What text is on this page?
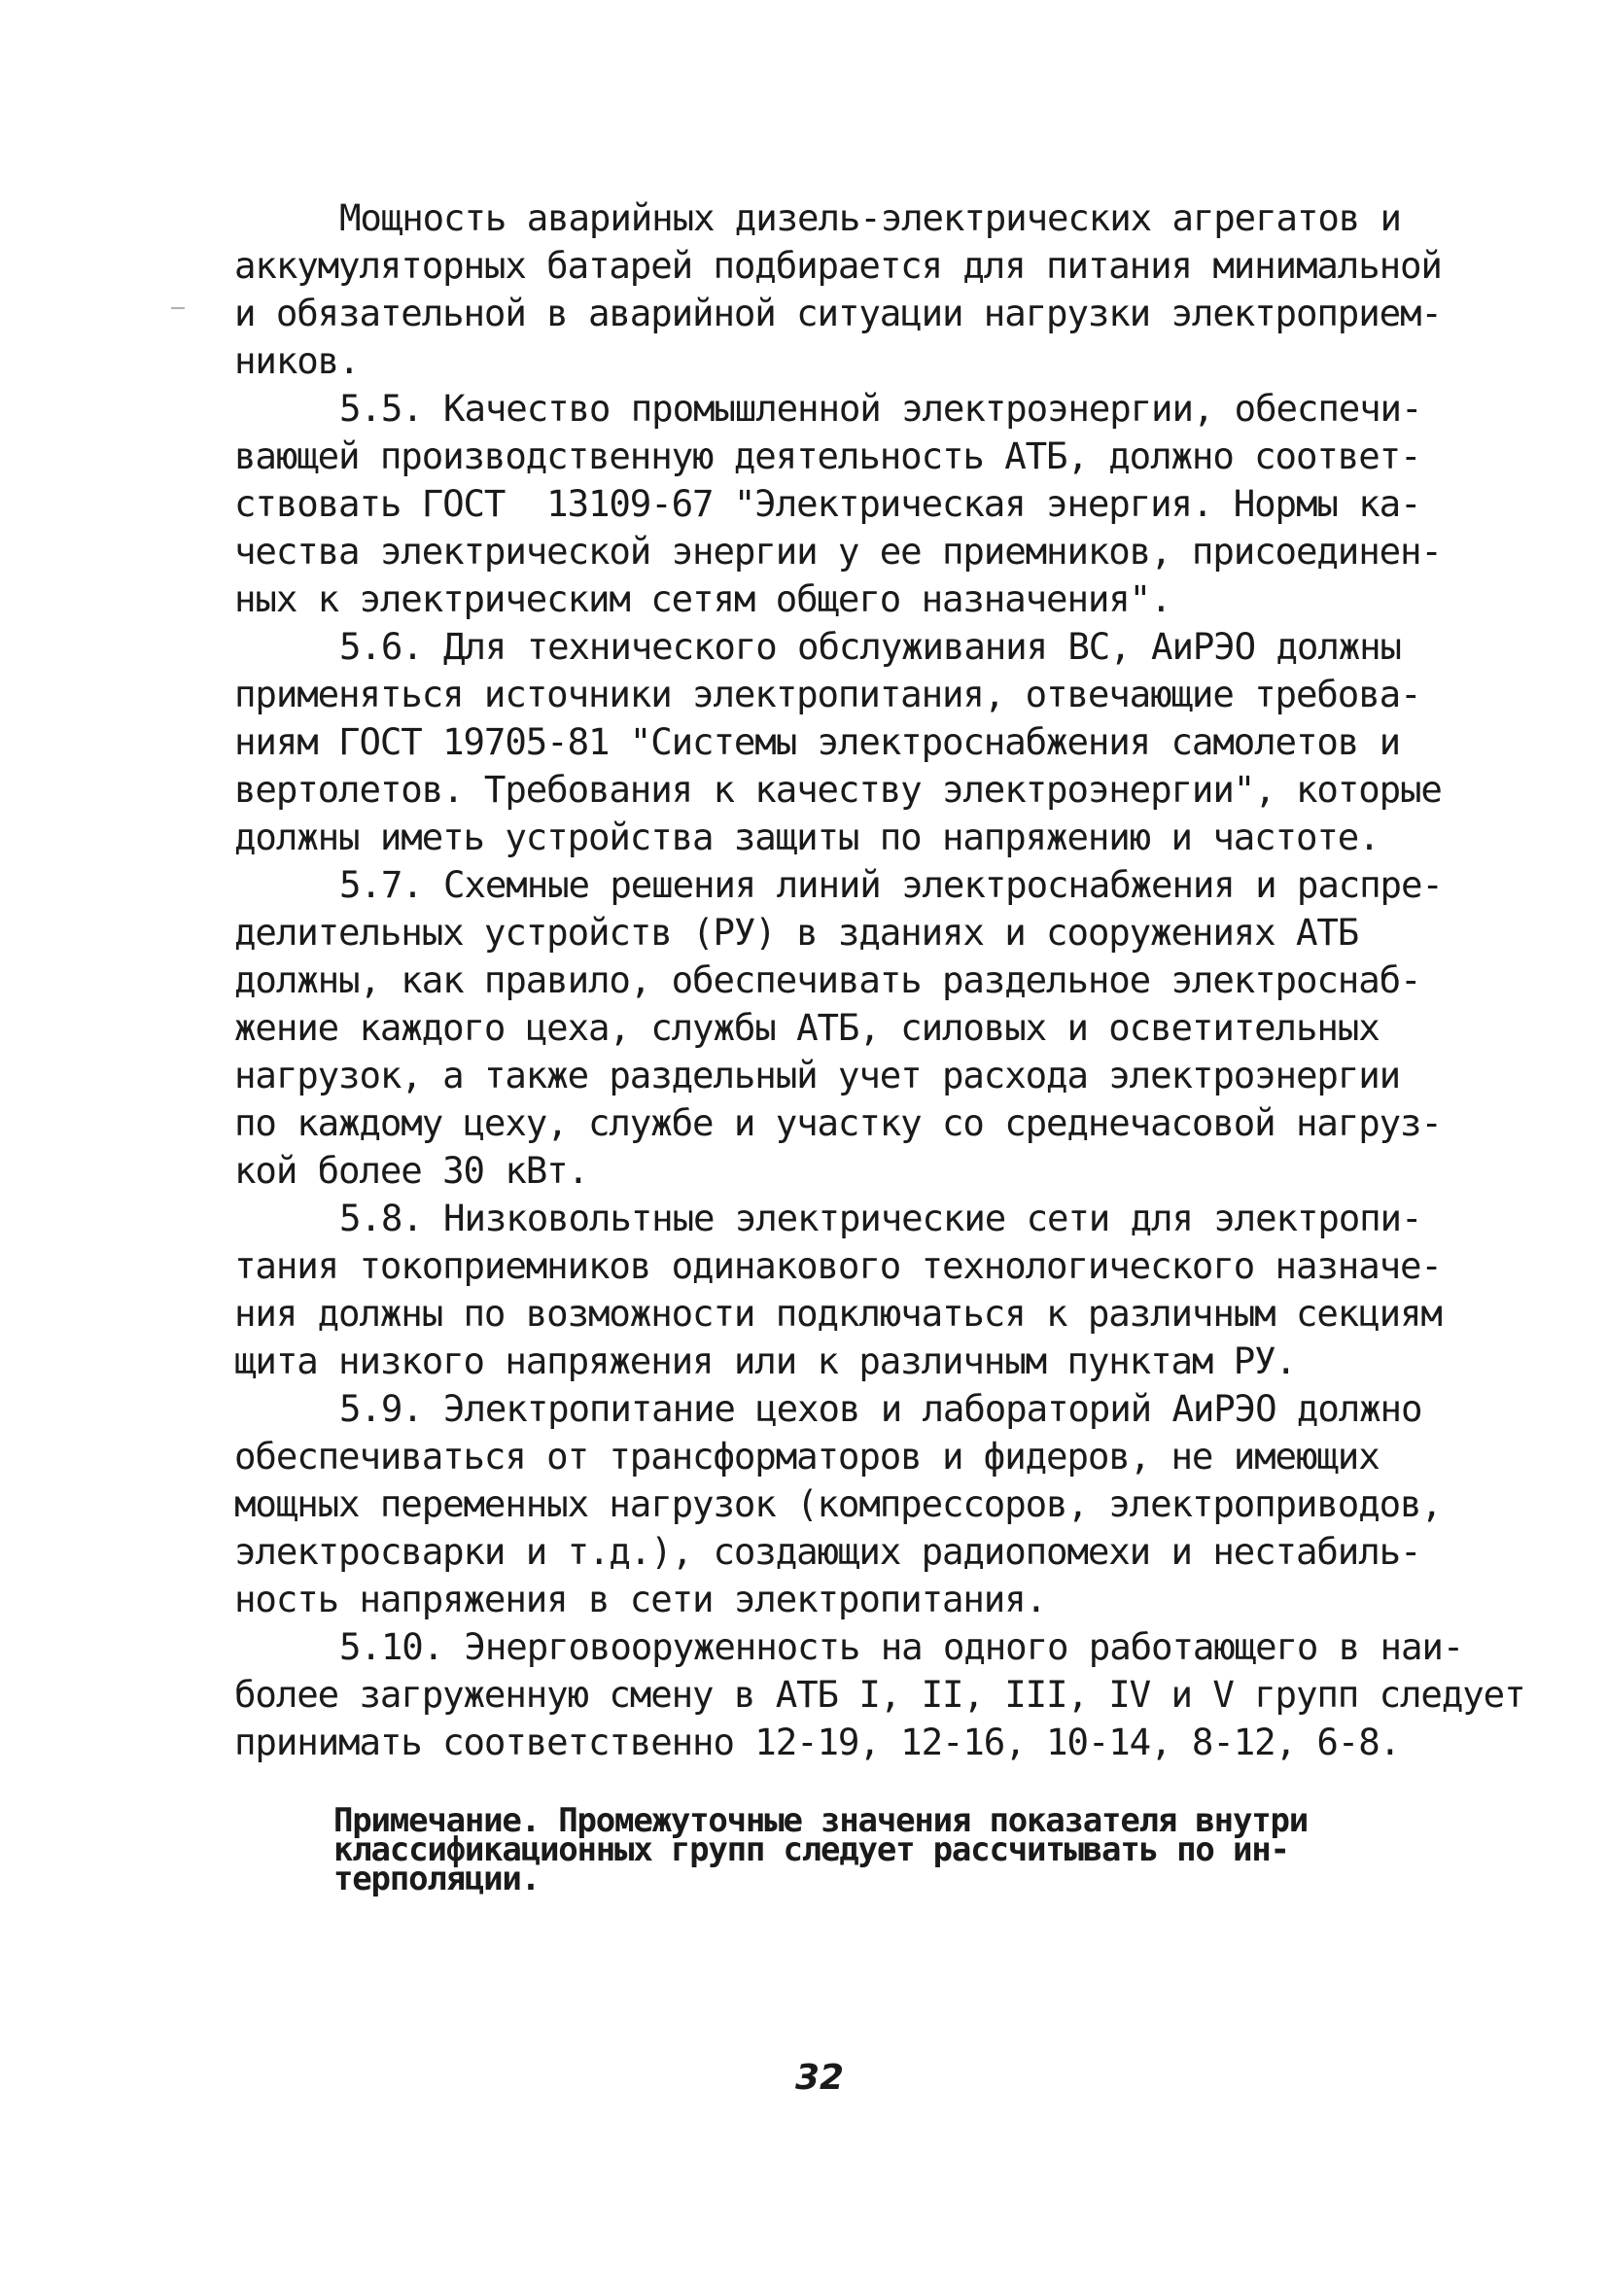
Мощность аварийных дизель-электрических агрегатов и
аккумуляторных батарей подбирается для питания минимальной
и обязательной в аварийной ситуации нагрузки электроприем-
ников.
5.5. Качество промышленной электроэнергии, обеспечи-
вающей производственную деятельность АТБ, должно соответ-
ствовать ГОСТ  13109-67 "Электрическая энергия. Нормы ка-
чества электрической энергии у ее приемников, присоединен-
ных к электрическим сетям общего назначения".
5.6. Для технического обслуживания ВС, АиРЭО должны
применяться источники электропитания, отвечающие требова-
ниям ГОСТ 19705-81 "Системы электроснабжения самолетов и
вертолетов. Требования к качеству электроэнергии", которые
должны иметь устройства защиты по напряжению и частоте.
5.7. Схемные решения линий электроснабжения и распре-
делительных устройств (РУ) в зданиях и сооружениях АТБ
должны, как правило, обеспечивать раздельное электроснаб-
жение каждого цеха, службы АТБ, силовых и осветительных
нагрузок, а также раздельный учет расхода электроэнергии
по каждому цеху, службе и участку со среднечасовой нагруз-
кой более 30 кВт.
5.8. Низковольтные электрические сети для электропи-
тания токоприемников одинакового технологического назначе-
ния должны по возможности подключаться к различным секциям
щита низкого напряжения или к различным пунктам РУ.
5.9. Электропитание цехов и лабораторий АиРЭО должно
обеспечиваться от трансформаторов и фидеров, не имеющих
мощных переменных нагрузок (компрессоров, электроприводов,
электросварки и т.д.), создающих радиопомехи и нестабиль-
ность напряжения в сети электропитания.
5.10. Энерговооруженность на одного работающего в наи-
более загруженную смену в АТБ I, II, III, IV и V групп следует
принимать соответственно 12-19, 12-16, 10-14, 8-12, 6-8.
Примечание. Промежуточные значения показателя внутри
классификационных групп следует рассчитывать по ин-
терполяции.
32
